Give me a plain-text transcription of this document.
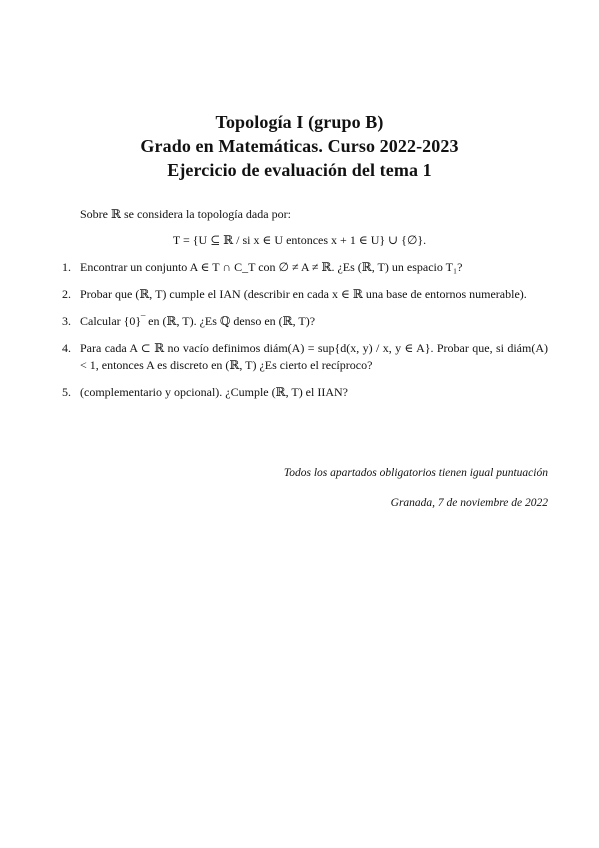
Topología I (grupo B)
Grado en Matemáticas. Curso 2022-2023
Ejercicio de evaluación del tema 1
Sobre ℝ se considera la topología dada por:
T = {U ⊆ ℝ / si x ∈ U entonces x + 1 ∈ U} ∪ {∅}.
1. Encontrar un conjunto A ∈ T ∩ C_T con ∅ ≠ A ≠ ℝ. ¿Es (ℝ, T) un espacio T₁?
2. Probar que (ℝ, T) cumple el IAN (describir en cada x ∈ ℝ una base de entornos numerable).
3. Calcular {0}‾ en (ℝ, T). ¿Es ℚ denso en (ℝ, T)?
4. Para cada A ⊂ ℝ no vacío definimos diám(A) = sup{d(x, y) / x, y ∈ A}. Probar que, si diám(A) < 1, entonces A es discreto en (ℝ, T) ¿Es cierto el recíproco?
5. (complementario y opcional). ¿Cumple (ℝ, T) el IIAN?
Todos los apartados obligatorios tienen igual puntuación
Granada, 7 de noviembre de 2022
